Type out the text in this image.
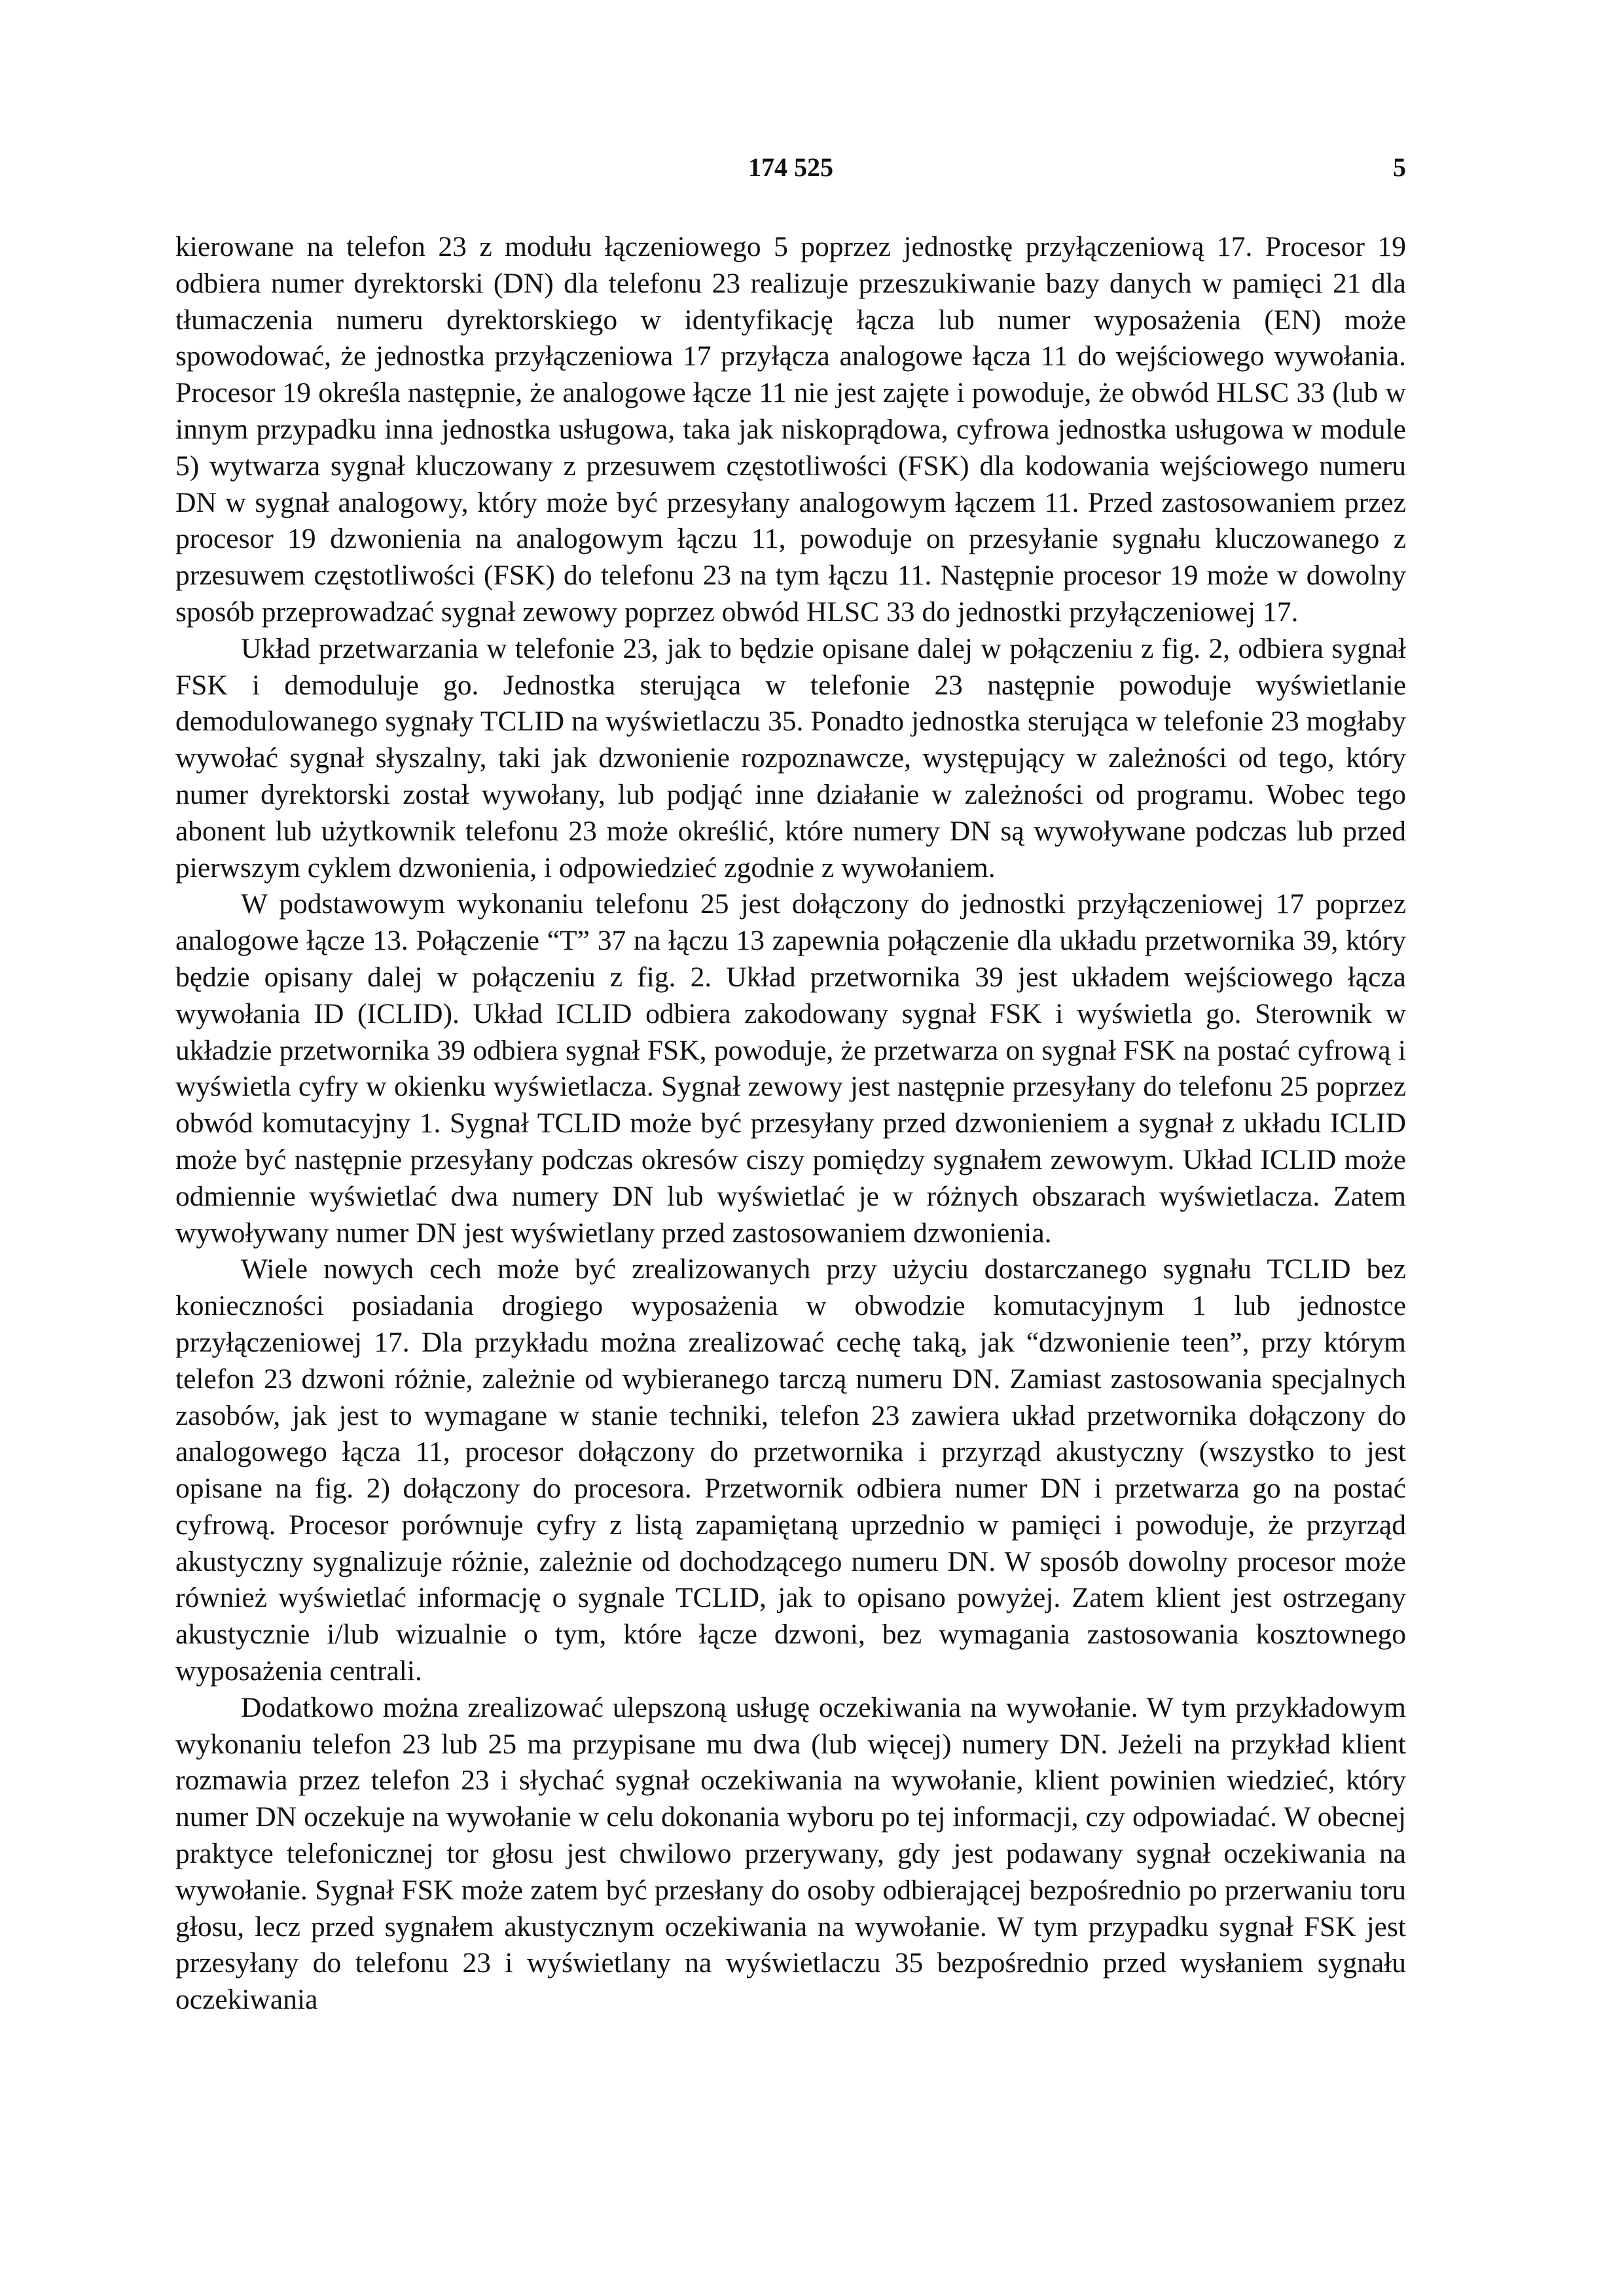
174 525	5

kierowane na telefon 23 z modułu łączeniowego 5 poprzez jednostkę przyłączeniową 17. Procesor 19 odbiera numer dyrektorski (DN) dla telefonu 23 realizuje przeszukiwanie bazy danych w pamięci 21 dla tłumaczenia numeru dyrektorskiego w identyfikację łącza lub numer wyposażenia (EN) może spowodować, że jednostka przyłączeniowa 17 przyłącza analogowe łącza 11 do wejściowego wywołania. Procesor 19 określa następnie, że analogowe łącze 11 nie jest zajęte i powoduje, że obwód HLSC 33 (lub w innym przypadku inna jednostka usługowa, taka jak niskoprądowa, cyfrowa jednostka usługowa w module 5) wytwarza sygnał kluczowany z przesuwem częstotliwości (FSK) dla kodowania wejściowego numeru DN w sygnał analogowy, który może być przesyłany analogowym łączem 11. Przed zastosowaniem przez procesor 19 dzwonienia na analogowym łączu 11, powoduje on przesyłanie sygnału kluczowanego z przesuwem częstotliwości (FSK) do telefonu 23 na tym łączu 11. Następnie procesor 19 może w dowolny sposób przeprowadzać sygnał zewowy poprzez obwód HLSC 33 do jednostki przyłączeniowej 17.

Układ przetwarzania w telefonie 23, jak to będzie opisane dalej w połączeniu z fig. 2, odbiera sygnał FSK i demoduluje go. Jednostka sterująca w telefonie 23 następnie powoduje wyświetlanie demodulowanego sygnały TCLID na wyświetlaczu 35. Ponadto jednostka sterująca w telefonie 23 mogłaby wywołać sygnał słyszalny, taki jak dzwonienie rozpoznawcze, występujący w zależności od tego, który numer dyrektorski został wywołany, lub podjąć inne działanie w zależności od programu. Wobec tego abonent lub użytkownik telefonu 23 może określić, które numery DN są wywoływane podczas lub przed pierwszym cyklem dzwonienia, i odpowiedzieć zgodnie z wywołaniem.

W podstawowym wykonaniu telefonu 25 jest dołączony do jednostki przyłączeniowej 17 poprzez analogowe łącze 13. Połączenie “T” 37 na łączu 13 zapewnia połączenie dla układu przetwornika 39, który będzie opisany dalej w połączeniu z fig. 2. Układ przetwornika 39 jest układem wejściowego łącza wywołania ID (ICLID). Układ ICLID odbiera zakodowany sygnał FSK i wyświetla go. Sterownik w układzie przetwornika 39 odbiera sygnał FSK, powoduje, że przetwarza on sygnał FSK na postać cyfrową i wyświetla cyfry w okienku wyświetlacza. Sygnał zewowy jest następnie przesyłany do telefonu 25 poprzez obwód komutacyjny 1. Sygnał TCLID może być przesyłany przed dzwonieniem a sygnał z układu ICLID może być następnie przesyłany podczas okresów ciszy pomiędzy sygnałem zewowym. Układ ICLID może odmiennie wyświetlać dwa numery DN lub wyświetlać je w różnych obszarach wyświetlacza. Zatem wywoływany numer DN jest wyświetlany przed zastosowaniem dzwonienia.

Wiele nowych cech może być zrealizowanych przy użyciu dostarczanego sygnału TCLID bez konieczności posiadania drogiego wyposażenia w obwodzie komutacyjnym 1 lub jednostce przyłączeniowej 17. Dla przykładu można zrealizować cechę taką, jak “dzwonienie teen”, przy którym telefon 23 dzwoni różnie, zależnie od wybieranego tarczą numeru DN. Zamiast zastosowania specjalnych zasobów, jak jest to wymagane w stanie techniki, telefon 23 zawiera układ przetwornika dołączony do analogowego łącza 11, procesor dołączony do przetwornika i przyrząd akustyczny (wszystko to jest opisane na fig. 2) dołączony do procesora. Przetwornik odbiera numer DN i przetwarza go na postać cyfrową. Procesor porównuje cyfry z listą zapamiętaną uprzednio w pamięci i powoduje, że przyrząd akustyczny sygnalizuje różnie, zależnie od dochodzącego numeru DN. W sposób dowolny procesor może również wyświetlać informację o sygnale TCLID, jak to opisano powyżej. Zatem klient jest ostrzegany akustycznie i/lub wizualnie o tym, które łącze dzwoni, bez wymagania zastosowania kosztownego wyposażenia centrali.

Dodatkowo można zrealizować ulepszoną usługę oczekiwania na wywołanie. W tym przykładowym wykonaniu telefon 23 lub 25 ma przypisane mu dwa (lub więcej) numery DN. Jeżeli na przykład klient rozmawia przez telefon 23 i słychać sygnał oczekiwania na wywołanie, klient powinien wiedzieć, który numer DN oczekuje na wywołanie w celu dokonania wyboru po tej informacji, czy odpowiadać. W obecnej praktyce telefonicznej tor głosu jest chwilowo przerywany, gdy jest podawany sygnał oczekiwania na wywołanie. Sygnał FSK może zatem być przesłany do osoby odbierającej bezpośrednio po przerwaniu toru głosu, lecz przed sygnałem akustycznym oczekiwania na wywołanie. W tym przypadku sygnał FSK jest przesyłany do telefonu 23 i wyświetlany na wyświetlaczu 35 bezpośrednio przed wysłaniem sygnału oczekiwania
